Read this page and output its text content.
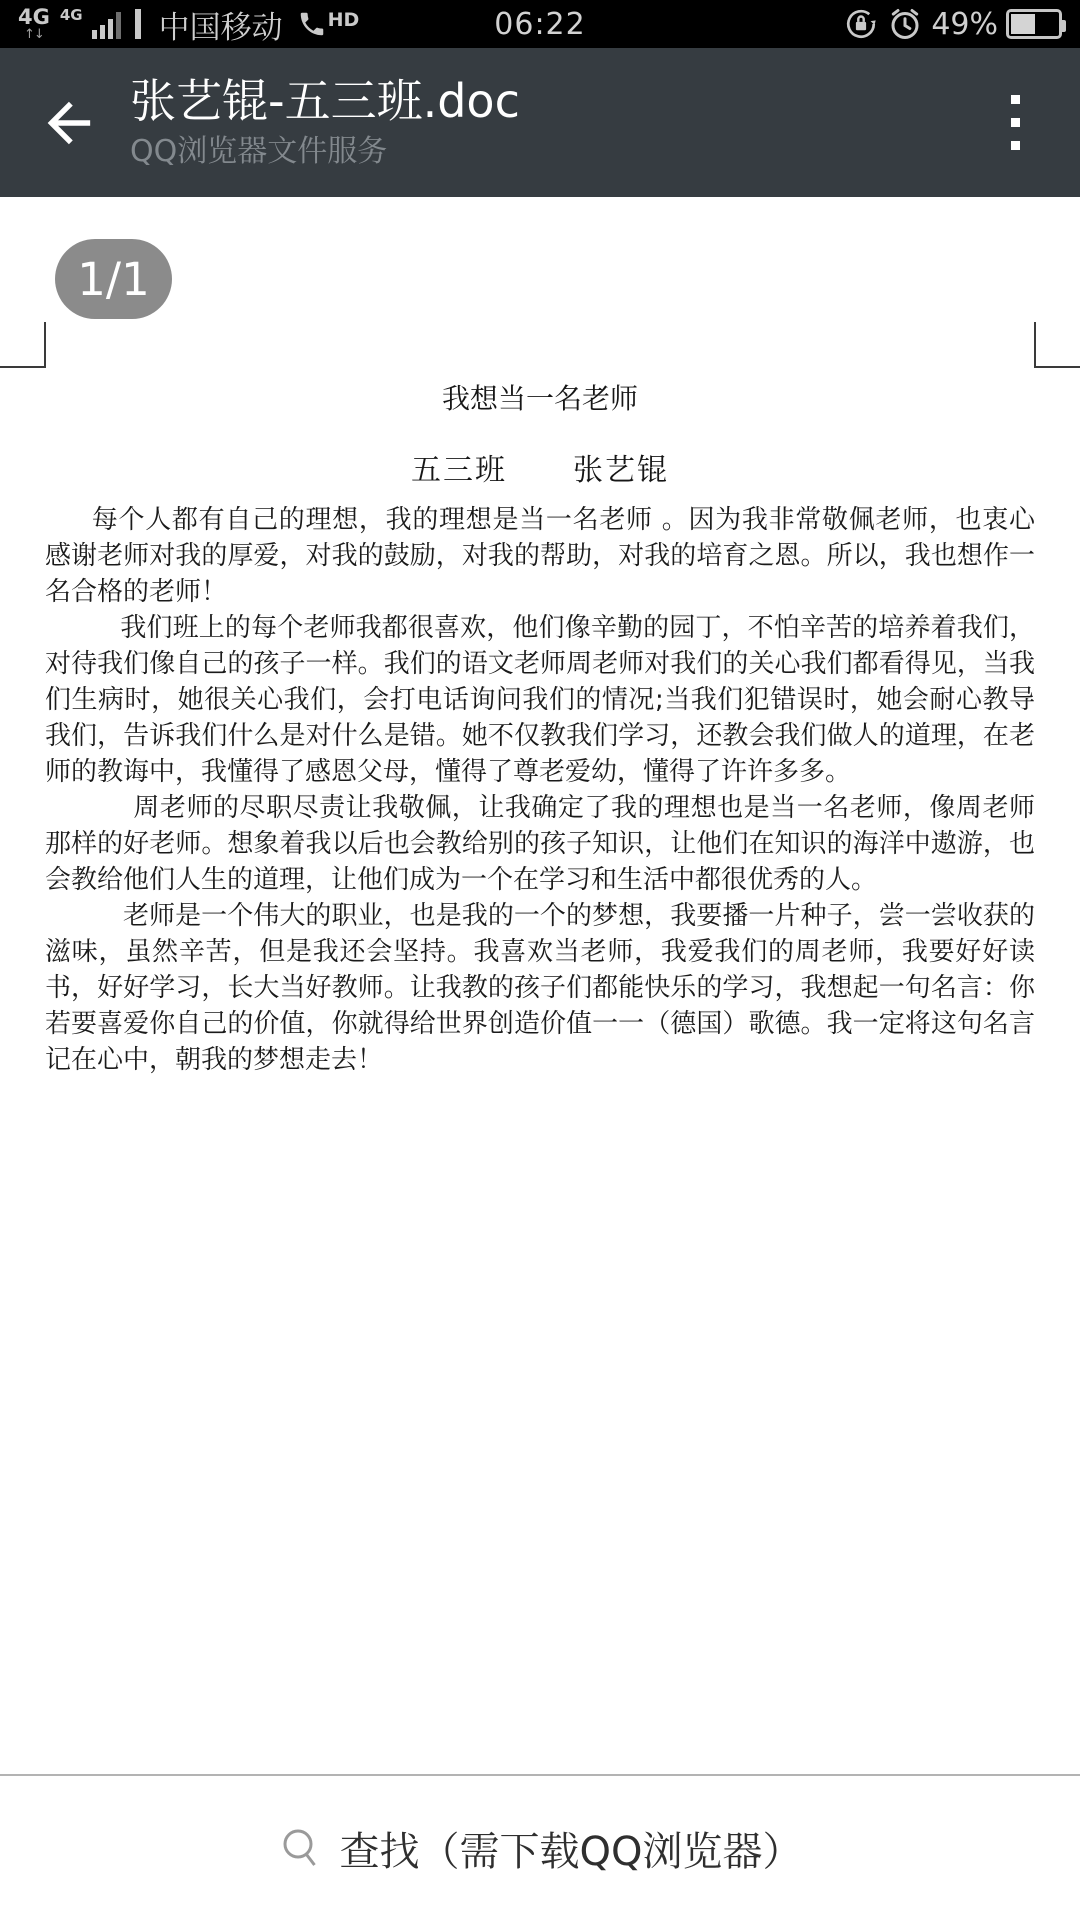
4G
↑↓
4G 中国移动 HD	06:22	49%
张艺锟-五三班.doc
QQ浏览器文件服务
1/1
我想当一名老师
五三班 张艺锟

每个人都有自己的理想，我的理想是当一名老师 。因为我非常敬佩老师，也衷心感谢老师对我的厚爱，对我的鼓励，对我的帮助，对我的培育之恩。所以，我也想作一名合格的老师！

我们班上的每个老师我都很喜欢，他们像辛勤的园丁，不怕辛苦的培养着我们，对待我们像自己的孩子一样。我们的语文老师周老师对我们的关心我们都看得见，当我们生病时，她很关心我们，会打电话询问我们的情况;当我们犯错误时，她会耐心教导我们，告诉我们什么是对什么是错。她不仅教我们学习，还教会我们做人的道理，在老师的教诲中，我懂得了感恩父母，懂得了尊老爱幼，懂得了许许多多。

周老师的尽职尽责让我敬佩，让我确定了我的理想也是当一名老师，像周老师那样的好老师。想象着我以后也会教给别的孩子知识，让他们在知识的海洋中遨游，也会教给他们人生的道理，让他们成为一个在学习和生活中都很优秀的人。

老师是一个伟大的职业，也是我的一个的梦想，我要播一片种子，尝一尝收获的滋味，虽然辛苦，但是我还会坚持。我喜欢当老师，我爱我们的周老师，我要好好读书，好好学习，长大当好教师。让我教的孩子们都能快乐的学习，我想起一句名言：你若要喜爱你自己的价值，你就得给世界创造价值一一（德国）歌德。我一定将这句名言记在心中，朝我的梦想走去！

查找（需下载QQ浏览器）
